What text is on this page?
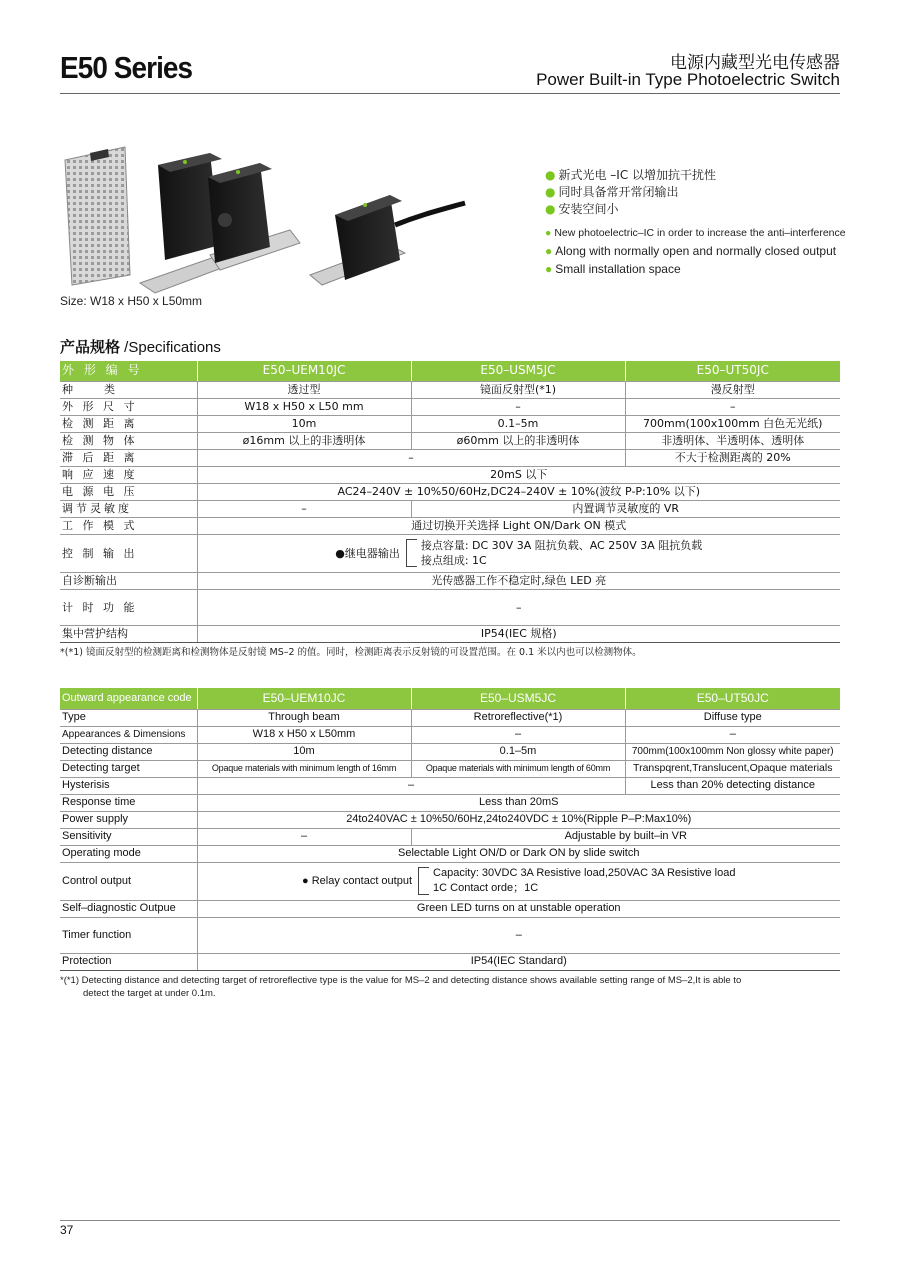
E50 Series	电源内藏型光电传感器
Power Built-in Type Photoelectric Switch
Size: W18 x H50 x L50mm
● 新式光电 –IC 以增加抗干扰性
● 同时具备常开常闭输出
● 安装空间小
● New photoelectric–IC in order to increase the anti–interference
● Along with normally open and normally closed output
● Small installation space
产品规格 /Specifications
外 形 编 号	E50–UEM10JC	E50–USM5JC	E50–UT50JC
种　　类	透过型	镜面反射型(*1)	漫反射型
外 形 尺 寸	W18 x H50 x L50 mm	–	–
检 测 距 离	10m	0.1–5m	700mm(100x100mm 白色无光纸)
检 测 物 体	ø16mm 以上的非透明体	ø60mm 以上的非透明体	非透明体、半透明体、透明体
滞 后 距 离	–		不大于检测距离的 20%
响 应 速 度	20mS 以下		
电 源 电 压	AC24–240V ± 10%50/60Hz,DC24–240V ± 10%(波纹 P-P:10% 以下)		
调节灵敏度	–	内置调节灵敏度的 VR	
工 作 模 式	通过切换开关选择 Light ON/Dark ON 模式		
控 制 输 出	●继电器输出
接点容量: DC 30V 3A 阻抗负载、AC 250V 3A 阻抗负载
接点组成: 1C		

自诊断输出	光传感器工作不稳定时,绿色 LED 亮		
计 时 功 能	–		
集中营护结构	IP54(IEC 规格)		
*(*1) 镜面反射型的检测距离和检测物体是反射镜 MS–2 的值。同时，检测距离表示反射镜的可设置范围。在 0.1 米以内也可以检测物体。
Outward appearance code	E50–UEM10JC	E50–USM5JC	E50–UT50JC
Type	Through beam	Retroreflective(*1)	Diffuse type
Appearances & Dimensions	W18 x H50 x L50mm	–	–
Detecting distance	10m	0.1–5m	700mm(100x100mm Non glossy white paper)
Detecting target	Opaque materials with minimum length of 16mm	Opaque materials with minimum length of 60mm	Transpqrent,Translucent,Opaque materials
Hysterisis	–		Less than 20% detecting distance
Response time	Less than 20mS		
Power supply	24to240VAC ± 10%50/60Hz,24to240VDC ± 10%(Ripple P–P:Max10%)		
Sensitivity	–	Adjustable by built–in VR	
Operating mode	Selectable Light ON/D or Dark ON by slide switch		
Control output	● Relay contact output
Capacity: 30VDC 3A Resistive load,250VAC 3A Resistive load
1C Contact orde；1C		

Self–diagnostic Outpue	Green LED turns on at unstable operation		
Timer function	–		
Protection	IP54(IEC Standard)		
*(*1) Detecting distance and detecting target of retroreflective type is the value for MS–2 and detecting distance shows available setting range of MS–2,It is able to
detect the target at under 0.1m.
37
